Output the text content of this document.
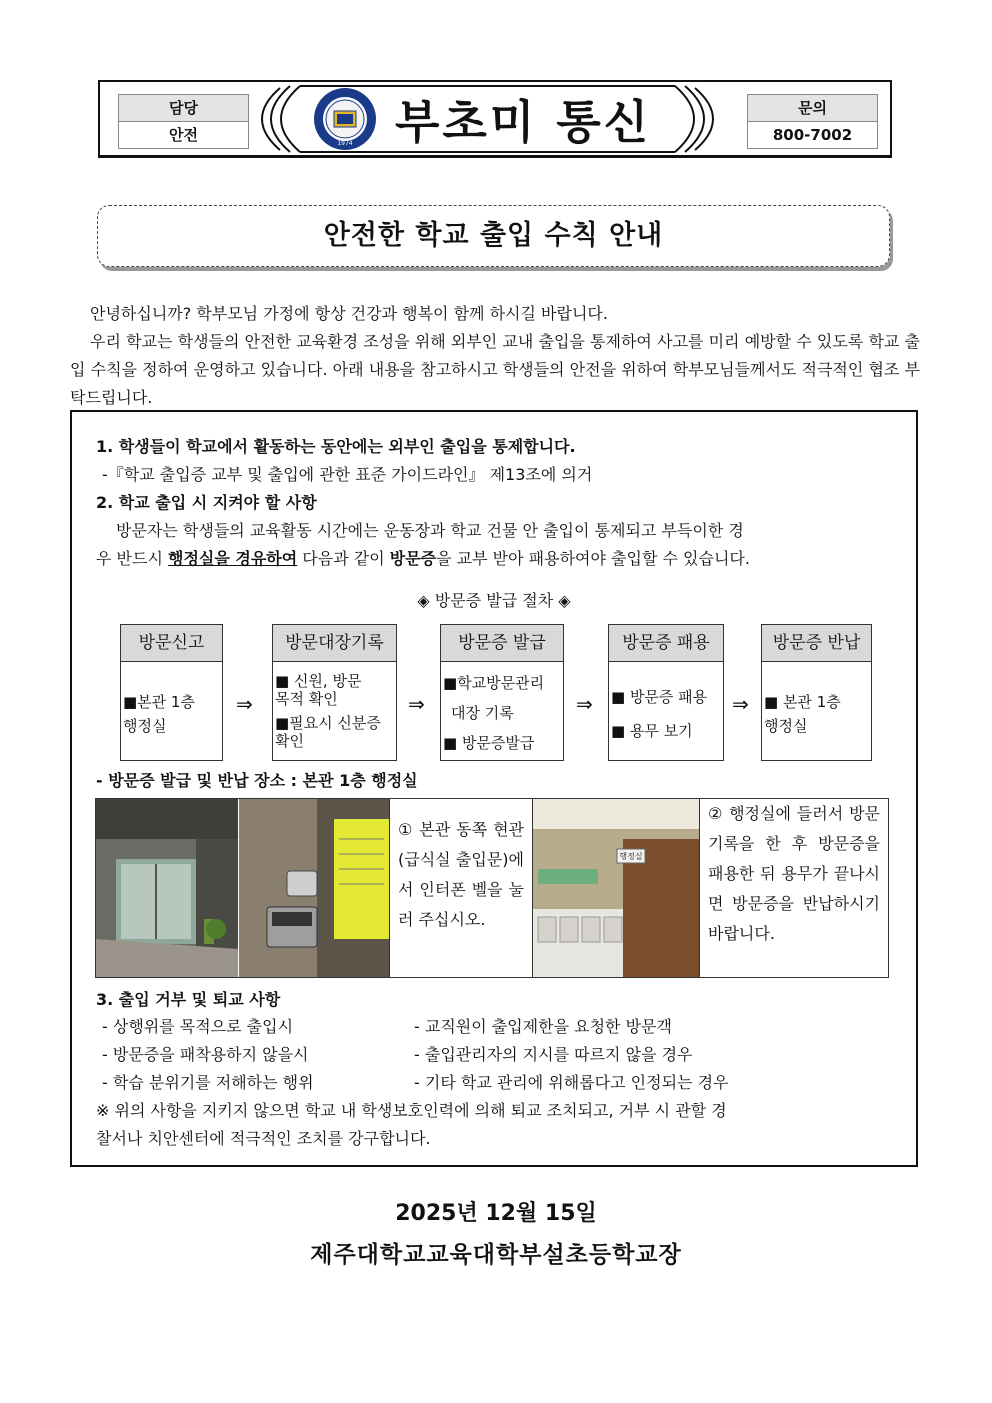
담당
안전
문의
800-7002
1974 부초미 통신
안전한 학교 출입 수칙 안내

안녕하십니까? 학부모님 가정에 항상 건강과 행복이 함께 하시길 바랍니다.

우리 학교는 학생들의 안전한 교육환경 조성을 위해 외부인 교내 출입을 통제하여 사고를 미리 예방할 수 있도록 학교 출입 수칙을 정하여 운영하고 있습니다. 아래 내용을 참고하시고 학생들의 안전을 위하여 학부모님들께서도 적극적인 협조 부탁드립니다.

1. 학생들이 학교에서 활동하는 동안에는 외부인 출입을 통제합니다.
-『학교 출입증 교부 및 출입에 관한 표준 가이드라인』 제13조에 의거
2. 학교 출입 시 지켜야 할 사항
방문자는 학생들의 교육활동 시간에는 운동장과 학교 건물 안 출입이 통제되고 부득이한 경
우 반드시 행정실을 경유하여 다음과 같이 방문증을 교부 받아 패용하여야 출입할 수 있습니다.
◈ 방문증 발급 절차 ◈
방문신고
■본관 1층
행정실
⇒
방문대장기록
■ 신원, 방문
목적 확인
■필요시 신분증
확인
⇒
방문증 발급
■학교방문관리
대장 기록
■ 방문증발급
⇒
방문증 패용
■ 방문증 패용
■ 용무 보기
⇒
방문증 반납
■ 본관 1층
행정실
- 방문증 발급 및 반납 장소 : 본관 1층 행정실
3. 출입 거부 및 퇴교 사항
- 상행위를 목적으로 출입시
- 방문증을 패착용하지 않을시
- 학습 분위기를 저해하는 행위
- 교직원이 출입제한을 요청한 방문객
- 출입관리자의 지시를 따르지 않을 경우
- 기타 학교 관리에 위해롭다고 인정되는 경우
※ 위의 사항을 지키지 않으면 학교 내 학생보호인력에 의해 퇴교 조치되고, 거부 시 관할 경
찰서나 치안센터에 적극적인 조치를 강구합니다.
① 본관 동쪽 현관(급식실 출입문)에서 인터폰 벨을 눌러 주십시오.
행정실
② 행정실에 들러서 방문 기록을 한 후 방문증을 패용한 뒤 용무가 끝나시면 방문증을 반납하시기 바랍니다.
2025년 12월 15일
제주대학교교육대학부설초등학교장
